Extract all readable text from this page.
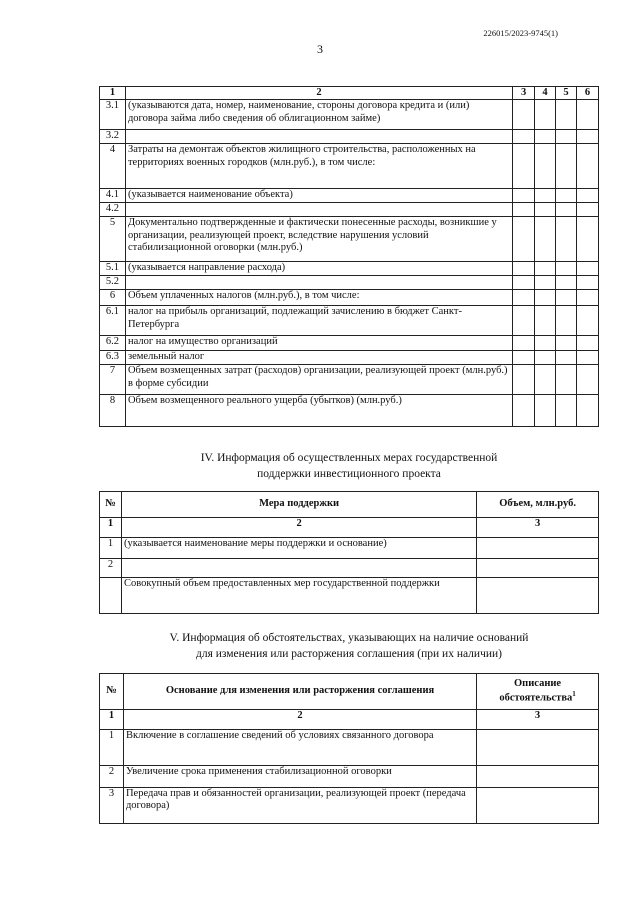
226015/2023-9745(1)
3
1	2	3	4	5	6
3.1	(указываются дата, номер, наименование, стороны договора кредита и (или) договора займа либо сведения об облигационном займе)				
3.2					
4	Затраты на демонтаж объектов жилищного строительства, расположенных на территориях военных городков (млн.руб.), в том числе:				
4.1	(указывается наименование объекта)				
4.2					
5	Документально подтвержденные и фактически понесенные расходы, возникшие у организации, реализующей проект, вследствие нарушения условий стабилизационной оговорки (млн.руб.)				
5.1	(указывается направление расхода)				
5.2					
6	Объем уплаченных налогов (млн.руб.), в том числе:				
6.1	налог на прибыль организаций, подлежащий зачислению в бюджет Санкт-Петербурга				
6.2	налог на имущество организаций				
6.3	земельный налог				
7	Объем возмещенных затрат (расходов) организации, реализующей проект (млн.руб.) в форме субсидии				
8	Объем возмещенного реального ущерба (убытков) (млн.руб.)				
IV. Информация об осуществленных мерах государственной
поддержки инвестиционного проекта
№	Мера поддержки	Объем, млн.руб.
1	2	3
1	(указывается наименование меры поддержки и основание)	
2		
	Совокупный объем предоставленных мер государственной поддержки	
V. Информация об обстоятельствах, указывающих на наличие оснований
для изменения или расторжения соглашения (при их наличии)
№	Основание для изменения или расторжения соглашения	Описание обстоятельства$^1$
1	2	3
1	Включение в соглашение сведений об условиях связанного договора	
2	Увеличение срока применения стабилизационной оговорки	
3	Передача прав и обязанностей организации, реализующей проект (передача договора)	
